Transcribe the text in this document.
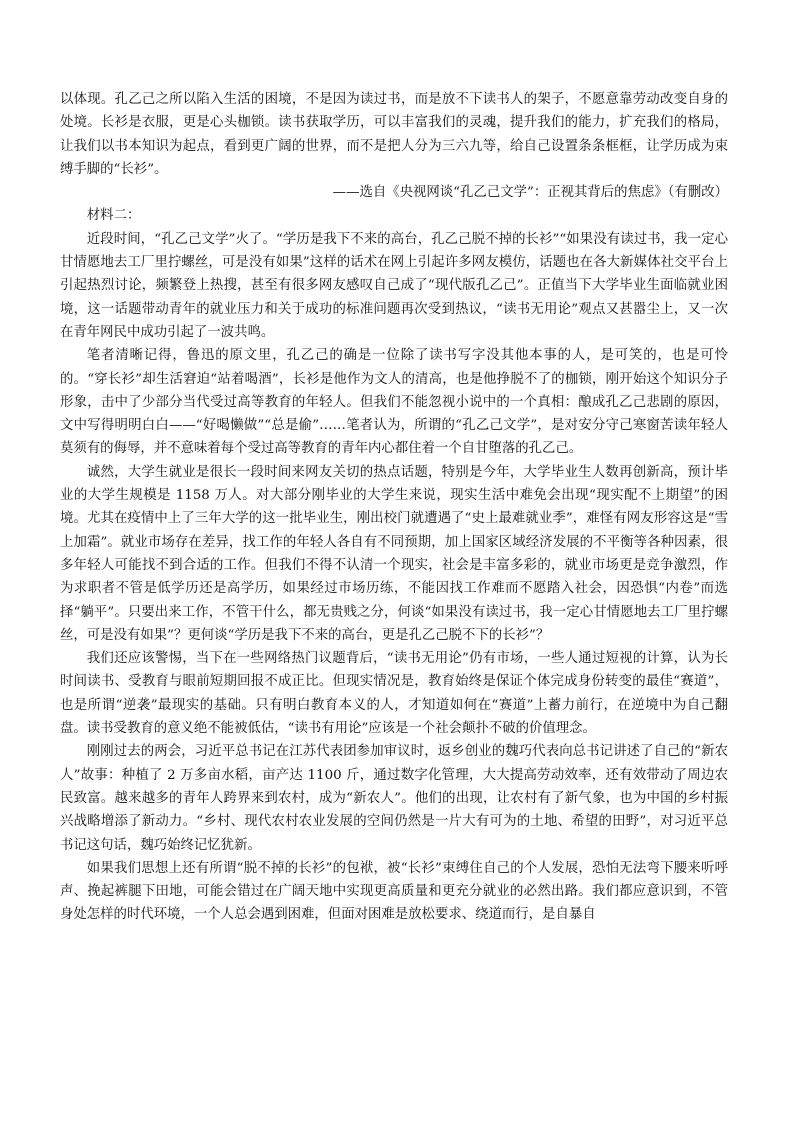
以体现。孔乙己之所以陷入生活的困境，不是因为读过书，而是放不下读书人的架子，不愿意靠劳动改变自身的处境。长衫是衣服，更是心头枷锁。读书获取学历，可以丰富我们的灵魂，提升我们的能力，扩充我们的格局，让我们以书本知识为起点，看到更广阔的世界，而不是把人分为三六九等，给自己设置条条框框，让学历成为束缚手脚的“长衫”。

——选自《央视网谈“孔乙己文学”：正视其背后的焦虑》（有删改）

材料二：

近段时间，“孔乙己文学”火了。“学历是我下不来的高台，孔乙己脱不掉的长衫”“如果没有读过书，我一定心甘情愿地去工厂里拧螺丝，可是没有如果”这样的话术在网上引起许多网友模仿，话题也在各大新媒体社交平台上引起热烈讨论，频繁登上热搜，甚至有很多网友感叹自己成了“现代版孔乙己”。正值当下大学毕业生面临就业困境，这一话题带动青年的就业压力和关于成功的标准问题再次受到热议，“读书无用论”观点又甚嚣尘上，又一次在青年网民中成功引起了一波共鸣。

笔者清晰记得，鲁迅的原文里，孔乙己的确是一位除了读书写字没其他本事的人，是可笑的，也是可怜的。“穿长衫”却生活窘迫“站着喝酒”，长衫是他作为文人的清高，也是他挣脱不了的枷锁，刚开始这个知识分子形象，击中了少部分当代受过高等教育的年轻人。但我们不能忽视小说中的一个真相：酿成孔乙己悲剧的原因，文中写得明明白白——“好喝懒做”“总是偷”……笔者认为，所谓的“孔乙己文学”，是对安分守己寒窗苦读年轻人莫须有的侮辱，并不意味着每个受过高等教育的青年内心都住着一个自甘堕落的孔乙己。

诚然，大学生就业是很长一段时间来网友关切的热点话题，特别是今年，大学毕业生人数再创新高，预计毕业的大学生规模是 1158 万人。对大部分刚毕业的大学生来说，现实生活中难免会出现“现实配不上期望”的困境。尤其在疫情中上了三年大学的这一批毕业生，刚出校门就遭遇了“史上最难就业季”，难怪有网友形容这是“雪上加霜”。就业市场存在差异，找工作的年轻人各自有不同预期，加上国家区域经济发展的不平衡等各种因素，很多年轻人可能找不到合适的工作。但我们不得不认清一个现实，社会是丰富多彩的，就业市场更是竞争激烈，作为求职者不管是低学历还是高学历，如果经过市场历练，不能因找工作难而不愿踏入社会，因恐惧“内卷”而选择“躺平”。只要出来工作，不管干什么，都无贵贱之分，何谈“如果没有读过书，我一定心甘情愿地去工厂里拧螺丝，可是没有如果”？更何谈“学历是我下不来的高台，更是孔乙己脱不下的长衫”？

我们还应该警惕，当下在一些网络热门议题背后，“读书无用论”仍有市场，一些人通过短视的计算，认为长时间读书、受教育与眼前短期回报不成正比。但现实情况是，教育始终是保证个体完成身份转变的最佳“赛道”，也是所谓“逆袭”最现实的基础。只有明白教育本义的人，才知道如何在“赛道”上蓄力前行，在逆境中为自己翻盘。读书受教育的意义绝不能被低估，“读书有用论”应该是一个社会颠扑不破的价值理念。

刚刚过去的两会，习近平总书记在江苏代表团参加审议时，返乡创业的魏巧代表向总书记讲述了自己的“新农人”故事：种植了 2 万多亩水稻，亩产达 1100 斤，通过数字化管理，大大提高劳动效率，还有效带动了周边农民致富。越来越多的青年人跨界来到农村，成为“新农人”。他们的出现，让农村有了新气象，也为中国的乡村振兴战略增添了新动力。“乡村、现代农村农业发展的空间仍然是一片大有可为的土地、希望的田野”，对习近平总书记这句话，魏巧始终记忆犹新。

如果我们思想上还有所谓“脱不掉的长衫”的包袱，被“长衫”束缚住自己的个人发展，恐怕无法弯下腰来听呼声、挽起裤腿下田地，可能会错过在广阔天地中实现更高质量和更充分就业的必然出路。我们都应意识到，不管身处怎样的时代环境，一个人总会遇到困难，但面对困难是放松要求、绕道而行，是自暴自
